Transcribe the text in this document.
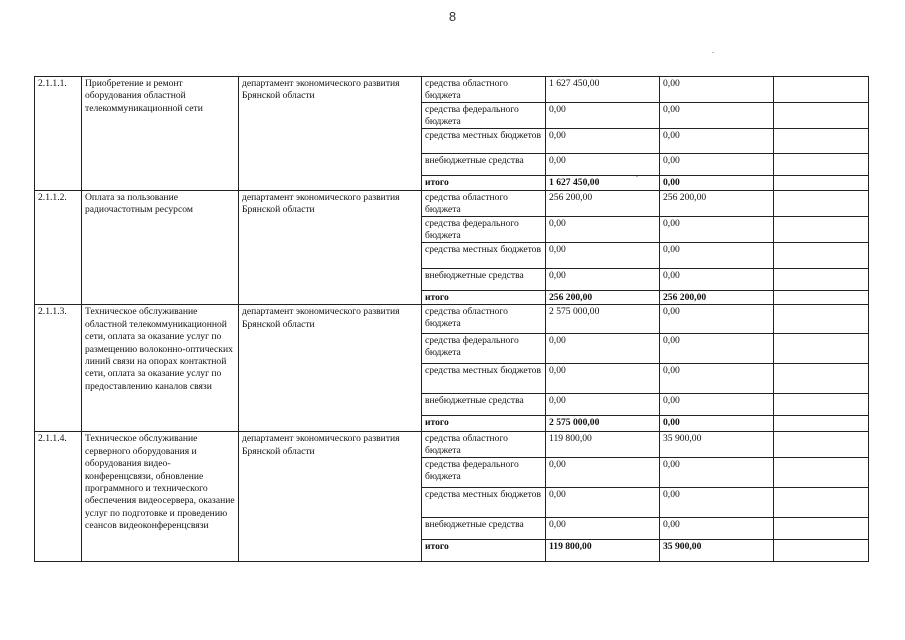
8
2.1.1.1.	Приобретение и ремонт оборудования областной телекоммуникационной сети	департамент экономического развития Брянской области	средства областного бюджета	1 627 450,00	0,00	
			средства федерального бюджета	0,00	0,00	
			средства местных бюджетов	0,00	0,00	
			внебюджетные средства	0,00	0,00	
			итого	1 627 450,00	0,00	
2.1.1.2.	Оплата за пользование радиочастотным ресурсом	департамент экономического развития Брянской области	средства областного бюджета	256 200,00	256 200,00	
			средства федерального бюджета	0,00	0,00	
			средства местных бюджетов	0,00	0,00	
			внебюджетные средства	0,00	0,00	
			итого	256 200,00	256 200,00	
2.1.1.3.	Техническое обслуживание областной телекоммуникационной сети, оплата за оказание услуг по размещению волоконно-оптических линий связи на опорах контактной сети, оплата за оказание услуг по предоставлению каналов связи	департамент экономического развития Брянской области	средства областного бюджета	2 575 000,00	0,00	
			средства федерального бюджета	0,00	0,00	
			средства местных бюджетов	0,00	0,00	
			внебюджетные средства	0,00	0,00	
			итого	2 575 000,00	0,00	
2.1.1.4.	Техническое обслуживание серверного оборудования и оборудования видео-конференцсвязи, обновление программного и технического обеспечения видеосервера, оказание услуг по подготовке и проведению сеансов видеоконференцсвязи	департамент экономического развития Брянской области	средства областного бюджета	119 800,00	35 900,00	
			средства федерального бюджета	0,00	0,00	
			средства местных бюджетов	0,00	0,00	
			внебюджетные средства	0,00	0,00	
			итого	119 800,00	35 900,00	
